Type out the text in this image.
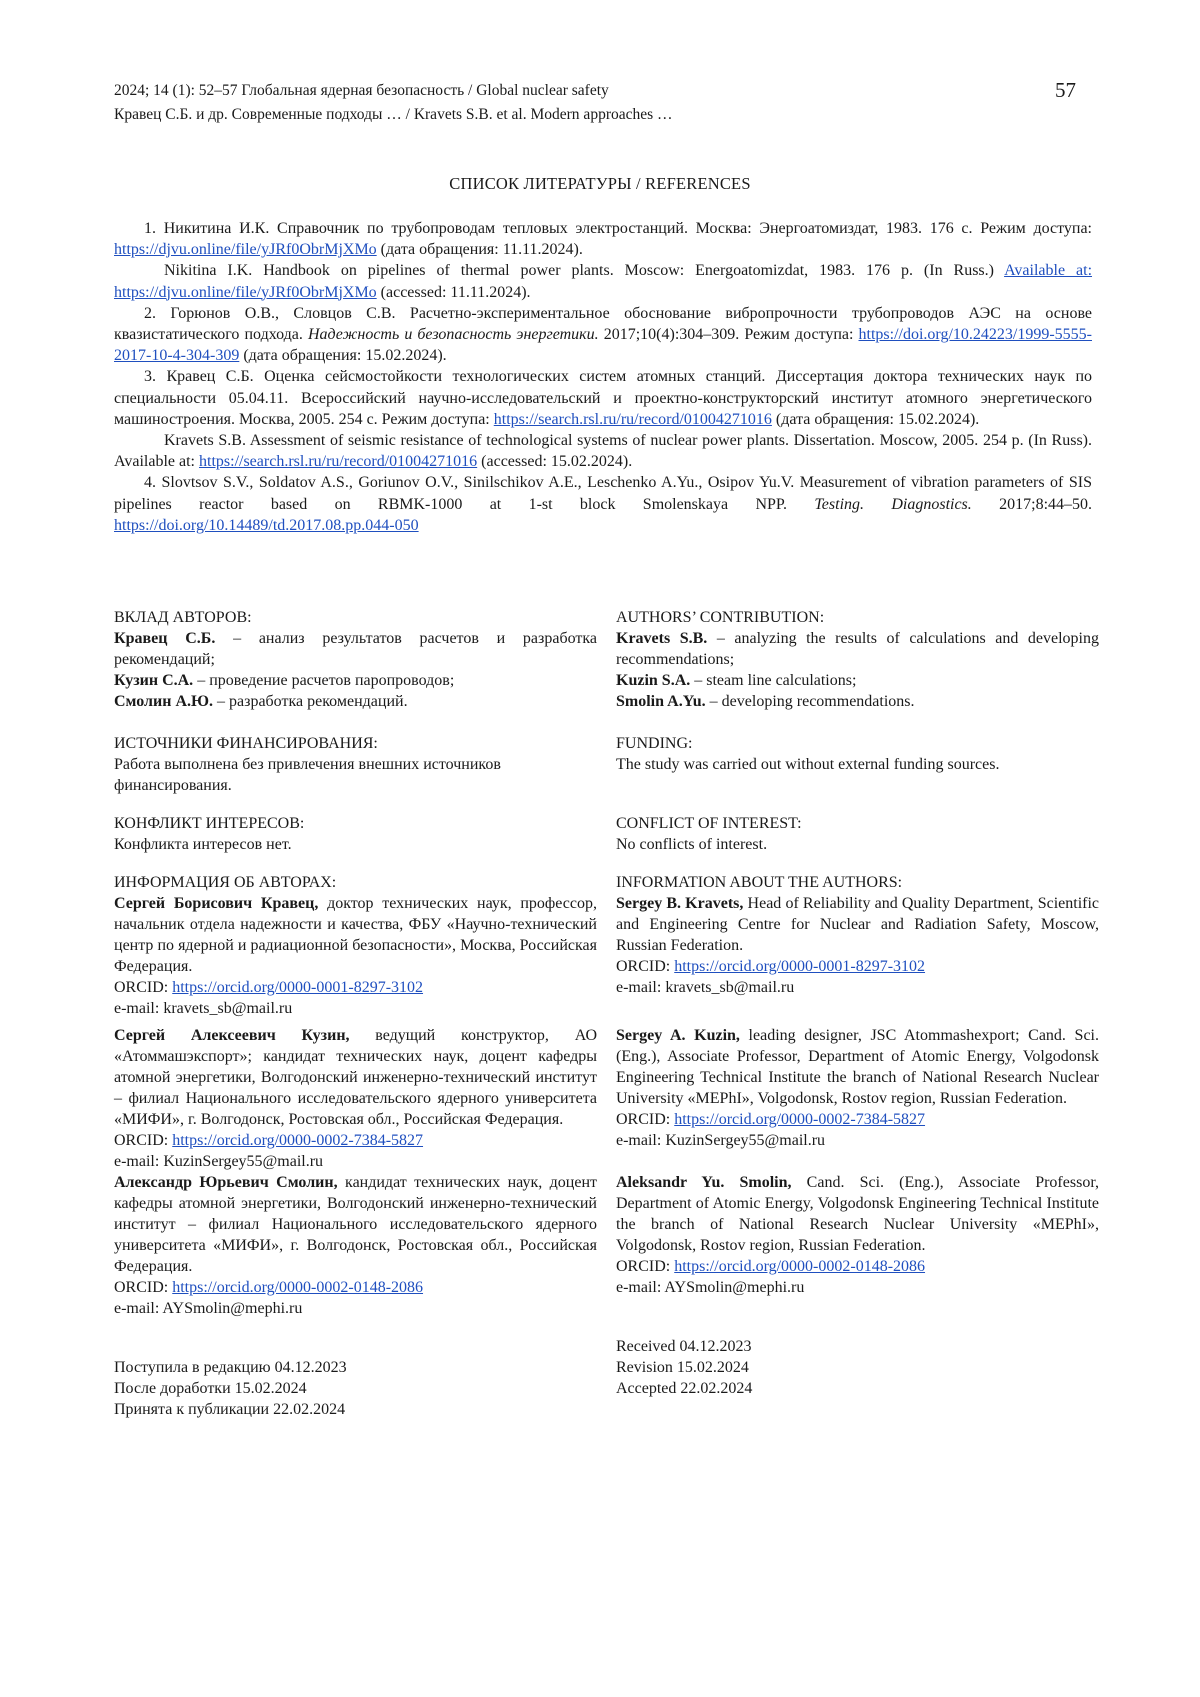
2024; 14 (1): 52–57 Глобальная ядерная безопасность / Global nuclear safety
Кравец С.Б. и др. Современные подходы … / Kravets S.B. et al. Modern approaches …
57
СПИСОК ЛИТЕРАТУРЫ / REFERENCES

1. Никитина И.К. Справочник по трубопроводам тепловых электростанций. Москва: Энергоатомиздат, 1983. 176 с. Режим доступа: https://djvu.online/file/yJRf0ObrMjXMo (дата обращения: 11.11.2024).

Nikitina I.K. Handbook on pipelines of thermal power plants. Moscow: Energoatomizdat, 1983. 176 p. (In Russ.) Available at: https://djvu.online/file/yJRf0ObrMjXMo (accessed: 11.11.2024).

2. Горюнов О.В., Словцов С.В. Расчетно-экспериментальное обоснование вибропрочности трубопроводов АЭС на основе квазистатического подхода. Надежность и безопасность энергетики. 2017;10(4):304–309. Режим доступа: https://doi.org/10.24223/1999-5555-2017-10-4-304-309 (дата обращения: 15.02.2024).

3. Кравец С.Б. Оценка сейсмостойкости технологических систем атомных станций. Диссертация доктора технических наук по специальности 05.04.11. Всероссийский научно-исследовательский и проектно-конструкторский институт атомного энергетического машиностроения. Москва, 2005. 254 с. Режим доступа: https://search.rsl.ru/ru/record/01004271016 (дата обращения: 15.02.2024).

Kravets S.B. Assessment of seismic resistance of technological systems of nuclear power plants. Dissertation. Moscow, 2005. 254 p. (In Russ). Available at: https://search.rsl.ru/ru/record/01004271016 (accessed: 15.02.2024).

4. Slovtsov S.V., Soldatov A.S., Goriunov O.V., Sinilschikov A.E., Leschenko A.Yu., Osipov Yu.V. Measurement of vibration parameters of SIS pipelines reactor based on RBMK-1000 at 1-st block Smolenskaya NPP. Testing. Diagnostics. 2017;8:44–50. https://doi.org/10.14489/td.2017.08.pp.044-050

ВКЛАД АВТОРОВ:
Кравец С.Б. – анализ результатов расчетов и разработка рекомендаций;
Кузин С.А. – проведение расчетов паропроводов;
Смолин А.Ю. – разработка рекомендаций.
ИСТОЧНИКИ ФИНАНСИРОВАНИЯ:
Работа выполнена без привлечения внешних источников финансирования.
КОНФЛИКТ ИНТЕРЕСОВ:
Конфликта интересов нет.
ИНФОРМАЦИЯ ОБ АВТОРАХ:
Сергей Борисович Кравец, доктор технических наук, профессор, начальник отдела надежности и качества, ФБУ «Научно-технический центр по ядерной и радиационной безопасности», Москва, Российская Федерация.
ORCID: https://orcid.org/0000-0001-8297-3102
e-mail: kravets_sb@mail.ru
Сергей Алексеевич Кузин, ведущий конструктор, АО «Атоммашэкспорт»; кандидат технических наук, доцент кафедры атомной энергетики, Волгодонский инженерно-технический институт – филиал Национального исследовательского ядерного университета «МИФИ», г. Волгодонск, Ростовская обл., Российская Федерация.
ORCID: https://orcid.org/0000-0002-7384-5827
e-mail: KuzinSergey55@mail.ru
Александр Юрьевич Смолин, кандидат технических наук, доцент кафедры атомной энергетики, Волгодонский инженерно-технический институт – филиал Национального исследовательского ядерного университета «МИФИ», г. Волгодонск, Ростовская обл., Российская Федерация.
ORCID: https://orcid.org/0000-0002-0148-2086
e-mail: AYSmolin@mephi.ru
Поступила в редакцию 04.12.2023
После доработки 15.02.2024
Принята к публикации 22.02.2024
AUTHORS’ CONTRIBUTION:
Kravets S.B. – analyzing the results of calculations and developing recommendations;
Kuzin S.A. – steam line calculations;
Smolin A.Yu. – developing recommendations.
FUNDING:
The study was carried out without external funding sources.
CONFLICT OF INTEREST:
No conflicts of interest.
INFORMATION ABOUT THE AUTHORS:
Sergey B. Kravets, Head of Reliability and Quality Department, Scientific and Engineering Centre for Nuclear and Radiation Safety, Moscow, Russian Federation.
ORCID: https://orcid.org/0000-0001-8297-3102
e-mail: kravets_sb@mail.ru
Sergey A. Kuzin, leading designer, JSC Atommashexport; Cand. Sci. (Eng.), Associate Professor, Department of Atomic Energy, Volgodonsk Engineering Technical Institute the branch of National Research Nuclear University «MEPhI», Volgodonsk, Rostov region, Russian Federation.
ORCID: https://orcid.org/0000-0002-7384-5827
e-mail: KuzinSergey55@mail.ru
Aleksandr Yu. Smolin, Cand. Sci. (Eng.), Associate Professor, Department of Atomic Energy, Volgodonsk Engineering Technical Institute the branch of National Research Nuclear University «MEPhI», Volgodonsk, Rostov region, Russian Federation.
ORCID: https://orcid.org/0000-0002-0148-2086
e-mail: AYSmolin@mephi.ru
Received 04.12.2023
Revision 15.02.2024
Accepted 22.02.2024
